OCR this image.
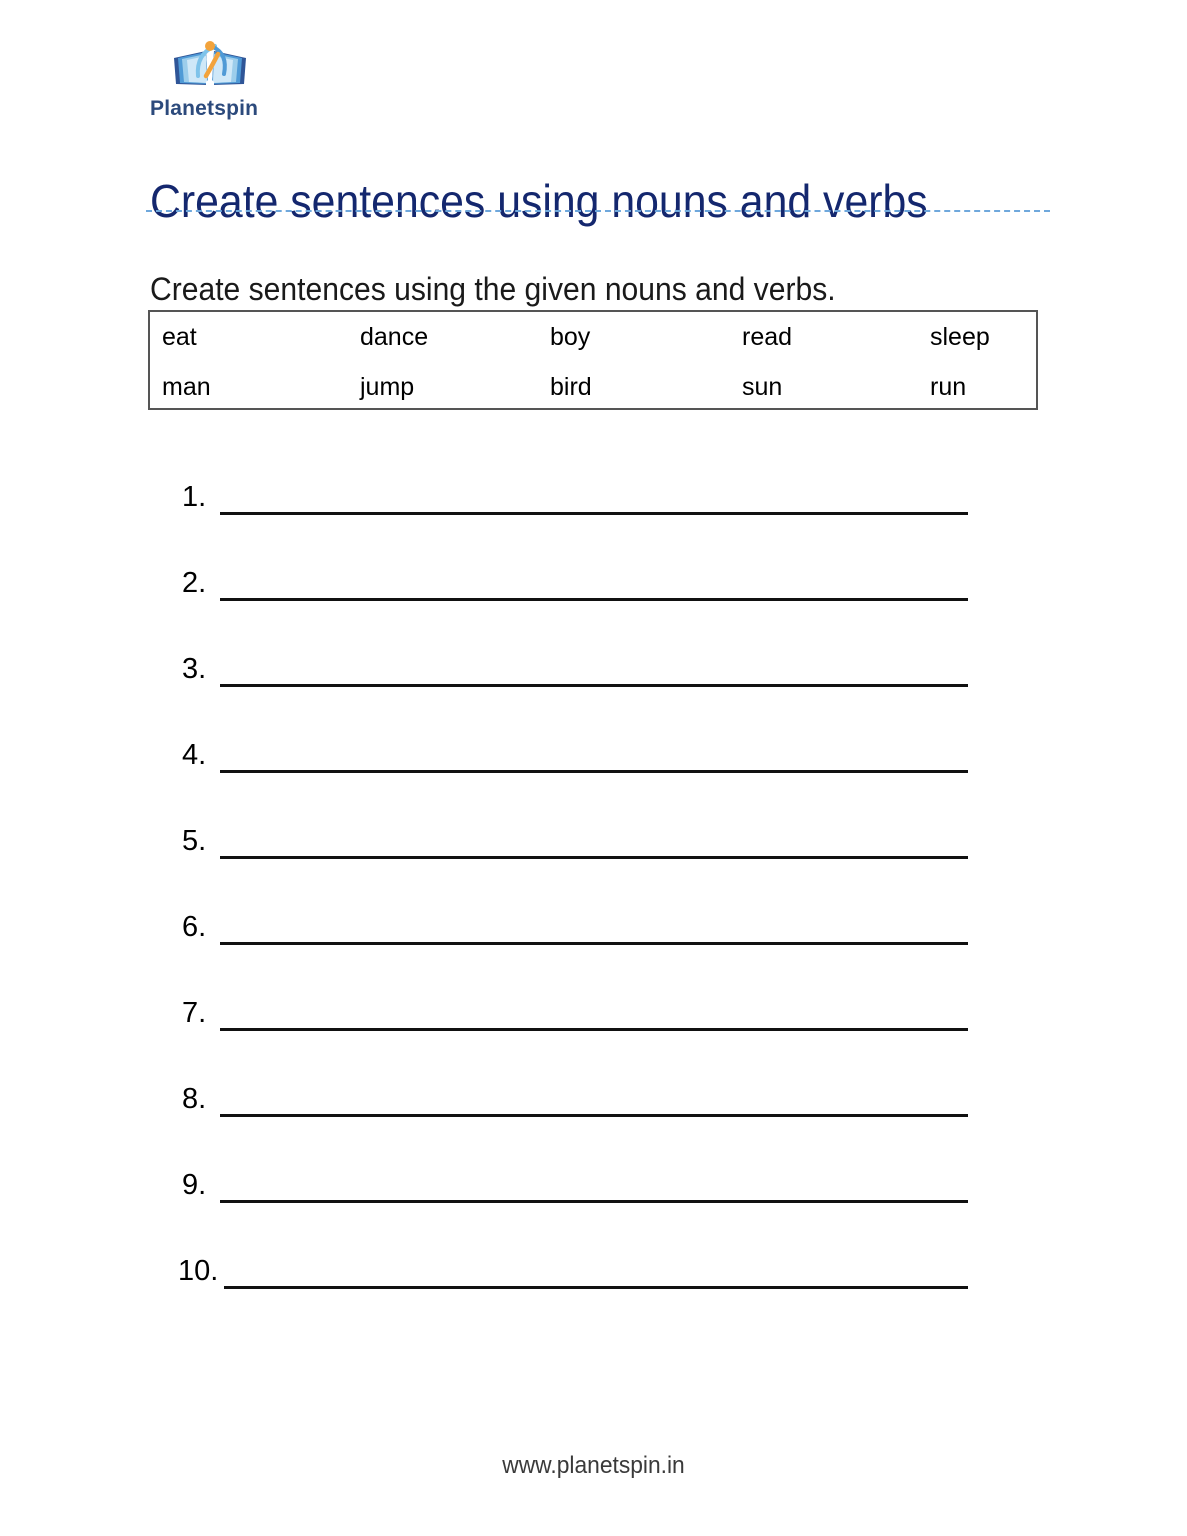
Planetspin
Create sentences using nouns and verbs

Create sentences using the given nouns and verbs.

eat	dance	boy	read	sleep
man	jump	bird	sun	run
1.
2.
3.
4.
5.
6.
7.
8.
9.
10.
www.planetspin.in
